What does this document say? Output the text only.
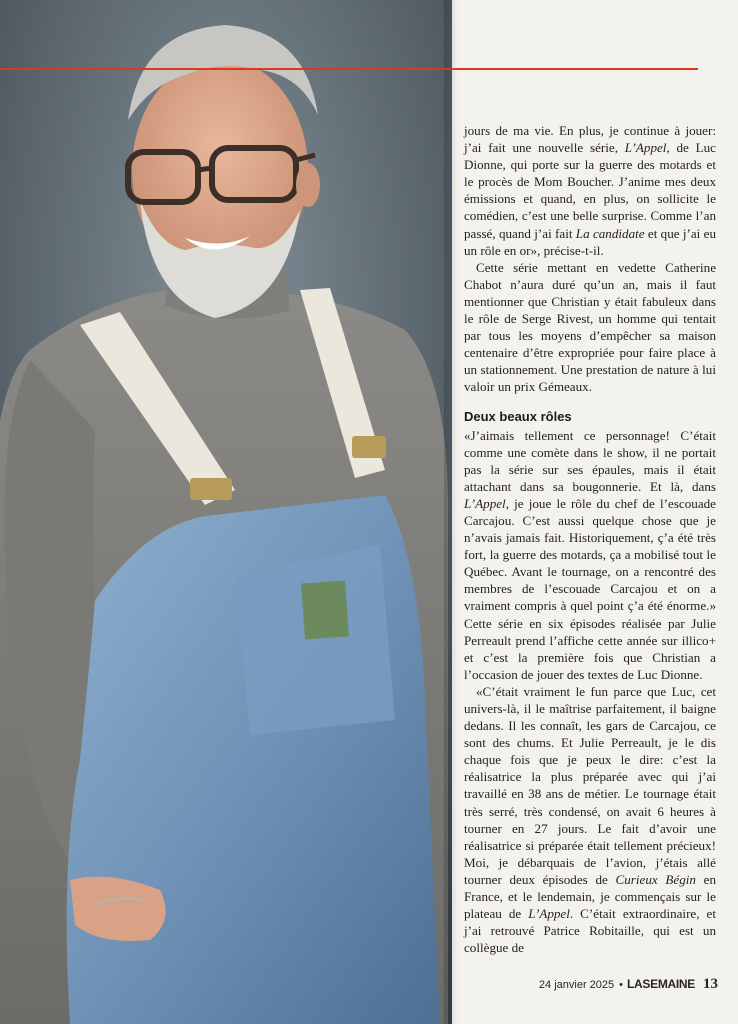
jours de ma vie. En plus, je continue à jouer: j’ai fait une nouvelle série, L’Appel, de Luc Dionne, qui porte sur la guerre des motards et le procès de Mom Boucher. J’anime mes deux émissions et quand, en plus, on sollicite le comédien, c’est une belle surprise. Comme l’an passé, quand j’ai fait La candidate et que j’ai eu un rôle en or», précise-t-il.

Cette série mettant en vedette Catherine Chabot n’aura duré qu’un an, mais il faut mentionner que Christian y était fabuleux dans le rôle de Serge Rivest, un homme qui tentait par tous les moyens d’empêcher sa maison centenaire d’être expropriée pour faire place à un stationnement. Une prestation de nature à lui valoir un prix Gémeaux.

Deux beaux rôles

«J’aimais tellement ce personnage! C’était comme une comète dans le show, il ne portait pas la série sur ses épaules, mais il était attachant dans sa bougonnerie. Et là, dans L’Appel, je joue le rôle du chef de l’escouade Carcajou. C’est aussi quelque chose que je n’avais jamais fait. Historiquement, ç’a été très fort, la guerre des motards, ça a mobilisé tout le Québec. Avant le tournage, on a rencontré des membres de l’escouade Carcajou et on a vraiment compris à quel point ç’a été énorme.» Cette série en six épisodes réalisée par Julie Perreault prend l’affiche cette année sur illico+ et c’est la première fois que Christian a l’occasion de jouer des textes de Luc Dionne.

«C’était vraiment le fun parce que Luc, cet univers-là, il le maîtrise parfaitement, il baigne dedans. Il les connaît, les gars de Carcajou, ce sont des chums. Et Julie Perreault, je le dis chaque fois que je peux le dire: c’est la réalisatrice la plus préparée avec qui j’ai travaillé en 38 ans de métier. Le tournage était très serré, très condensé, on avait 6 heures à tourner en 27 jours. Le fait d’avoir une réalisatrice si préparée était tellement précieux! Moi, je débarquais de l’avion, j’étais allé tourner deux épisodes de Curieux Bégin en France, et le lendemain, je commençais sur le plateau de L’Appel. C’était extraordinaire, et j’ai retrouvé Patrice Robitaille, qui est un collègue de

24 janvier 2025 • LASEMAINE 13
